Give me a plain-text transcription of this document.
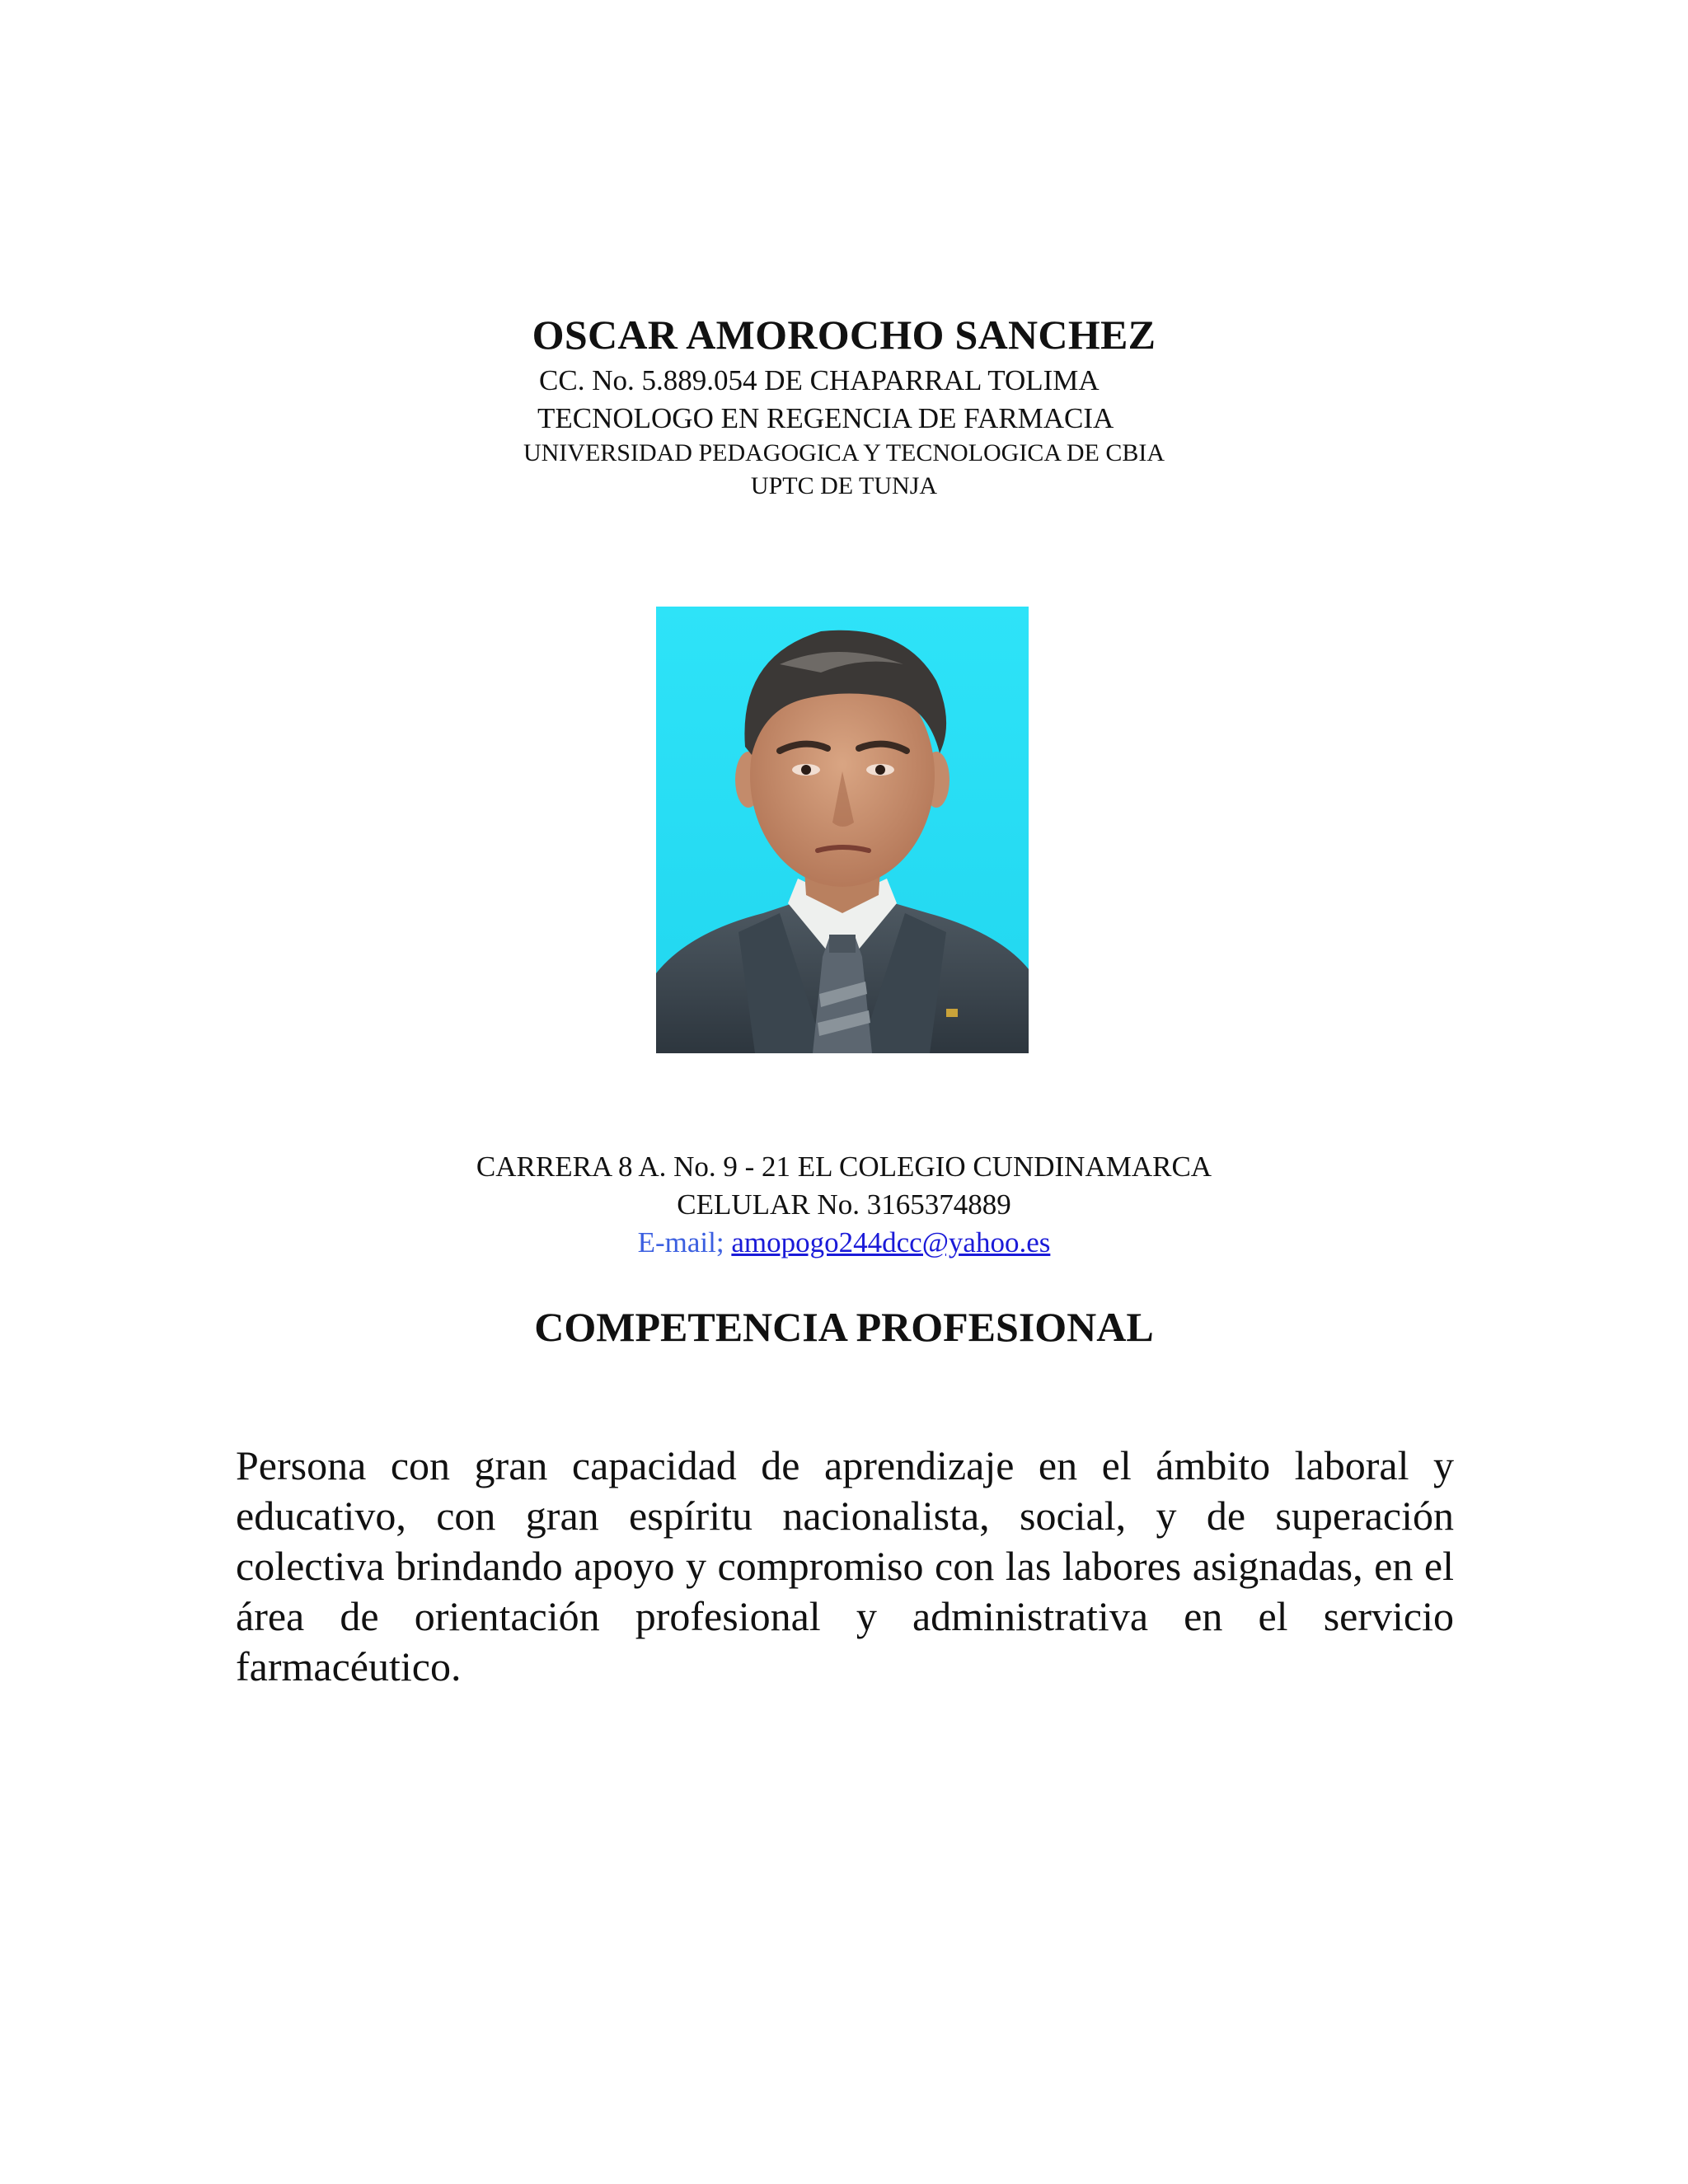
OSCAR AMOROCHO SANCHEZ
CC. No. 5.889.054 DE CHAPARRAL TOLIMA
TECNOLOGO EN REGENCIA DE FARMACIA
UNIVERSIDAD PEDAGOGICA Y TECNOLOGICA DE CBIA
UPTC DE TUNJA
CARRERA 8 A. No. 9 - 21 EL COLEGIO CUNDINAMARCA
CELULAR No. 3165374889
E-mail; amopogo244dcc@yahoo.es
COMPETENCIA PROFESIONAL

Persona con gran capacidad de aprendizaje en el ámbito laboral y educativo, con gran espíritu nacionalista, social, y de superación colectiva brindando apoyo y compromiso con las labores asignadas, en el área de orientación profesional y administrativa en el servicio farmacéutico.
